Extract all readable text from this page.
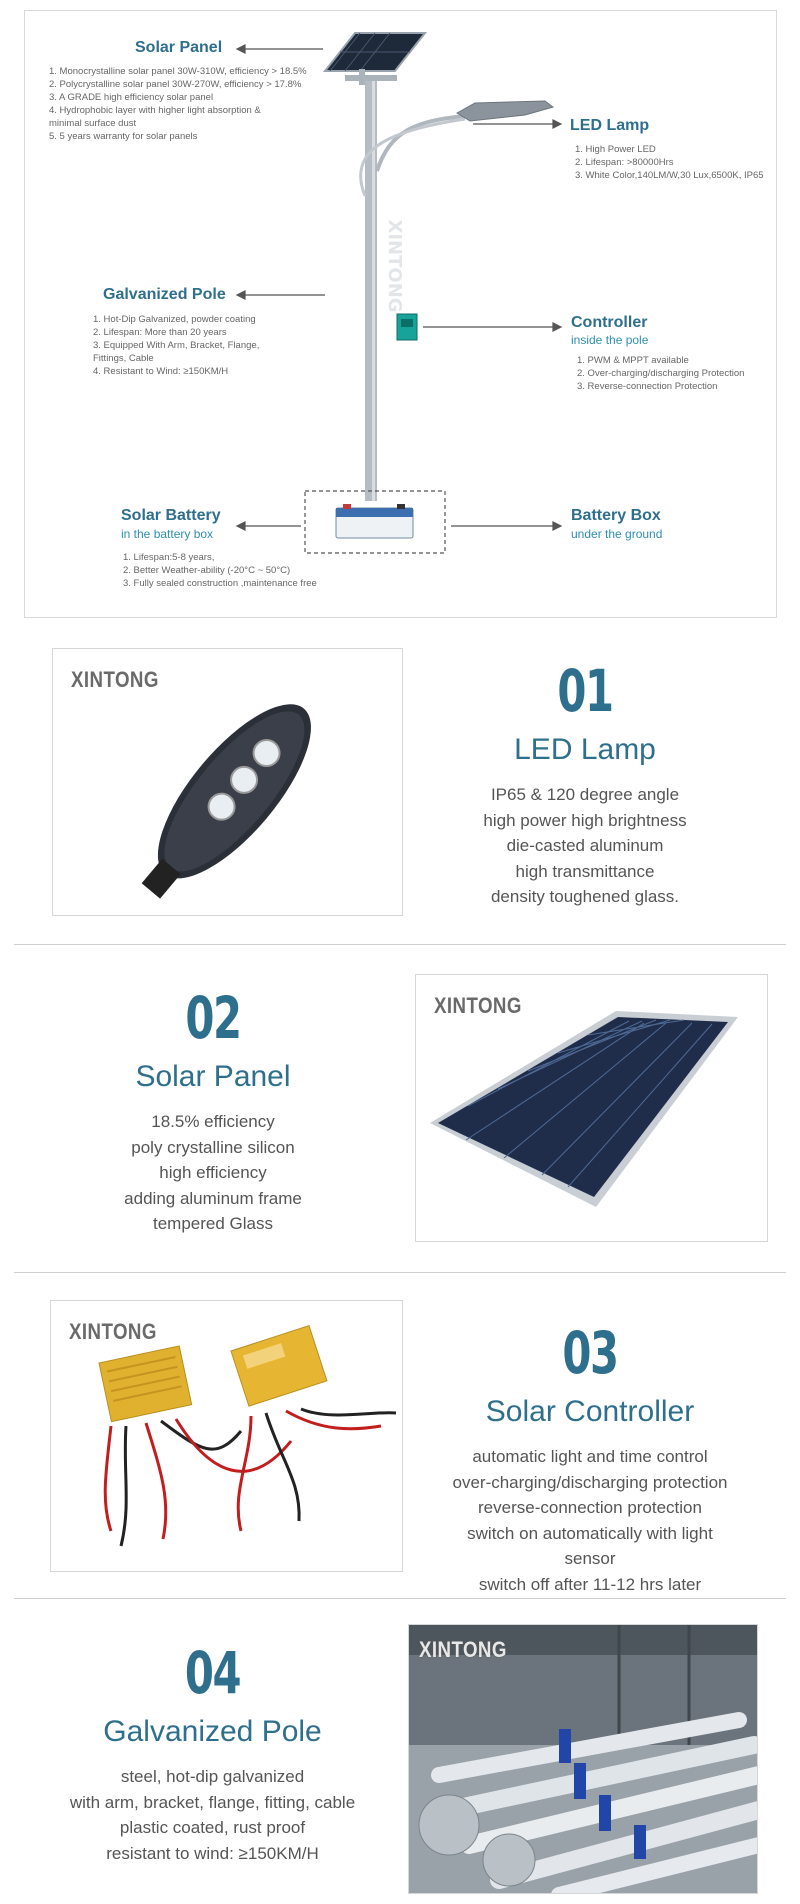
XINTONG
Solar Panel
1. Monocrystalline solar panel 30W-310W, efficiency > 18.5%
2. Polycrystalline solar panel 30W-270W, efficiency > 17.8%
3. A GRADE high efficiency solar panel
4. Hydrophobic layer with higher light absorption &
minimal surface dust
5. 5 years warranty for solar panels
LED Lamp
1. High Power LED
2. Lifespan: >80000Hrs
3. White Color,140LM/W,30 Lux,6500K, IP65
Galvanized Pole
1. Hot-Dip Galvanized, powder coating
2. Lifespan: More than 20 years
3. Equipped With Arm, Bracket, Flange,
Fittings, Cable
4. Resistant to Wind: ≥150KM/H
Controller
inside the pole
1. PWM & MPPT available
2. Over-charging/discharging Protection
3. Reverse-connection Protection
Solar Battery
in the battery box
1. Lifespan:5-8 years,
2. Better Weather-ability (-20°C ~ 50°C)
3. Fully sealed construction ,maintenance free
Battery Box
under the ground
XINTONG	01
LED Lamp
IP65 & 120 degree angle
high power high brightness
die-casted aluminum
high transmittance
density toughened glass.
02
Solar Panel
18.5% efficiency
poly crystalline silicon
high efficiency
adding aluminum frame
tempered Glass
XINTONG
XINTONG	03
Solar Controller
automatic light and time control
over-charging/discharging protection
reverse-connection protection
switch on automatically with light sensor
switch off after 11-12 hrs later
04
Galvanized Pole
steel, hot-dip galvanized
with arm, bracket, flange, fitting, cable
plastic coated, rust proof
resistant to wind: ≥150KM/H
XINTONG
